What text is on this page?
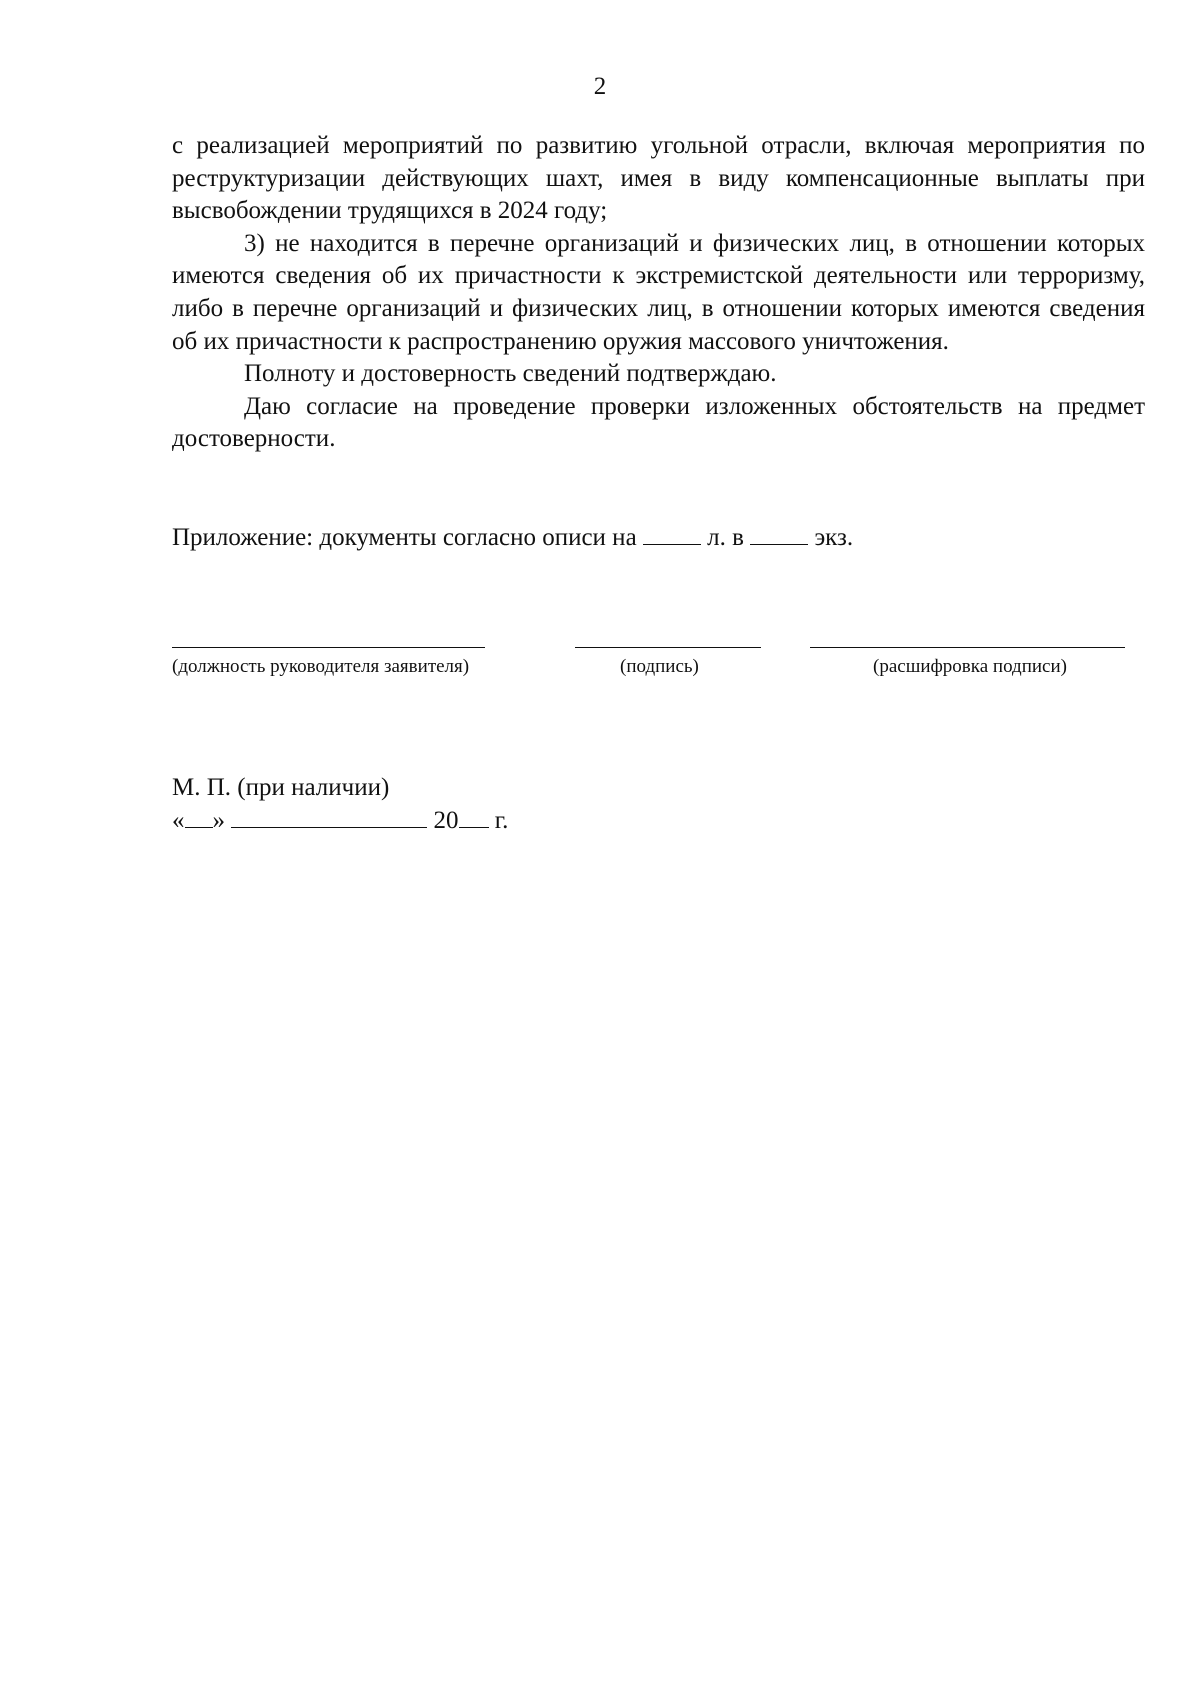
2

с реализацией мероприятий по развитию угольной отрасли, включая мероприятия по реструктуризации действующих шахт, имея в виду компенсационные выплаты при высвобождении трудящихся в 2024 году;

3) не находится в перечне организаций и физических лиц, в отношении которых имеются сведения об их причастности к экстремистской деятельности или терроризму, либо в перечне организаций и физических лиц, в отношении которых имеются сведения об их причастности к распространению оружия массового уничтожения.

Полноту и достоверность сведений подтверждаю.

Даю согласие на проведение проверки изложенных обстоятельств на предмет достоверности.

Приложение: документы согласно описи на	л. в	экз.
(должность руководителя заявителя)	(подпись)	(расшифровка подписи)
М. П. (при наличии)
« »	20 г.
